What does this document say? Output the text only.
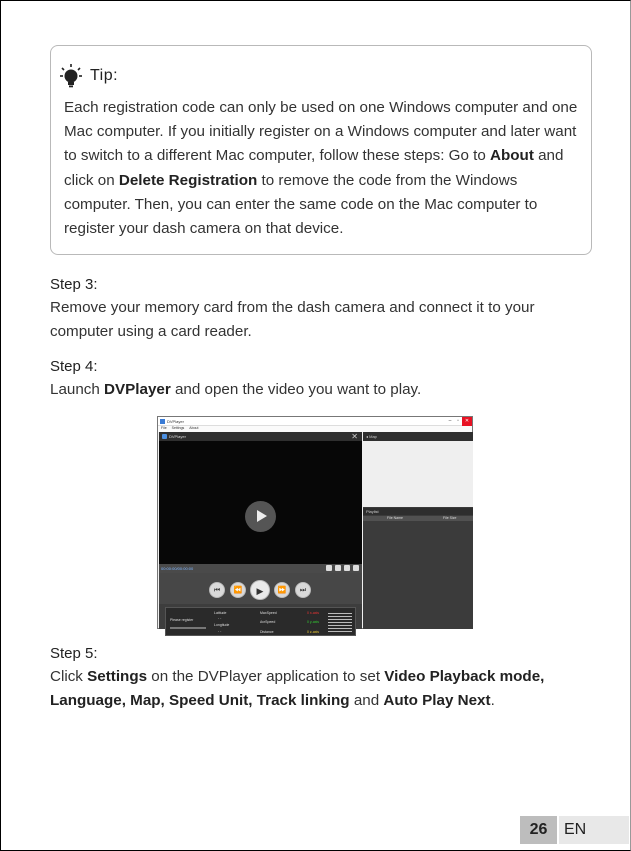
Tip:
Each registration code can only be used on one Windows computer and one Mac computer. If you initially register on a Windows computer and later want to switch to a different Mac computer, follow these steps: Go to About and click on Delete Registration to remove the code from the Windows computer. Then, you can enter the same code on the Mac computer to register your dash camera on that device.
Step 3:
Remove your memory card from the dash camera and connect it to your computer using a card reader.
Step 4:
Launch DVPlayer and open the video you want to play.
DVPlayer	–	▫	✕
File Settings About
DVPlayer	✕
00:00:00/00:00:00
⏮	⏪	▶	⏩	⏭
Please register
Latitude
- -
Longitude
- -
MaxSpeed
AvrSpeed
Distance
0 x-axis
0 y-axis
0 z-axis
◂ Map
Playlist
File Name	File Size
Step 5:
Click Settings on the DVPlayer application to set Video Playback mode, Language, Map, Speed Unit, Track linking and Auto Play Next.
26	EN
